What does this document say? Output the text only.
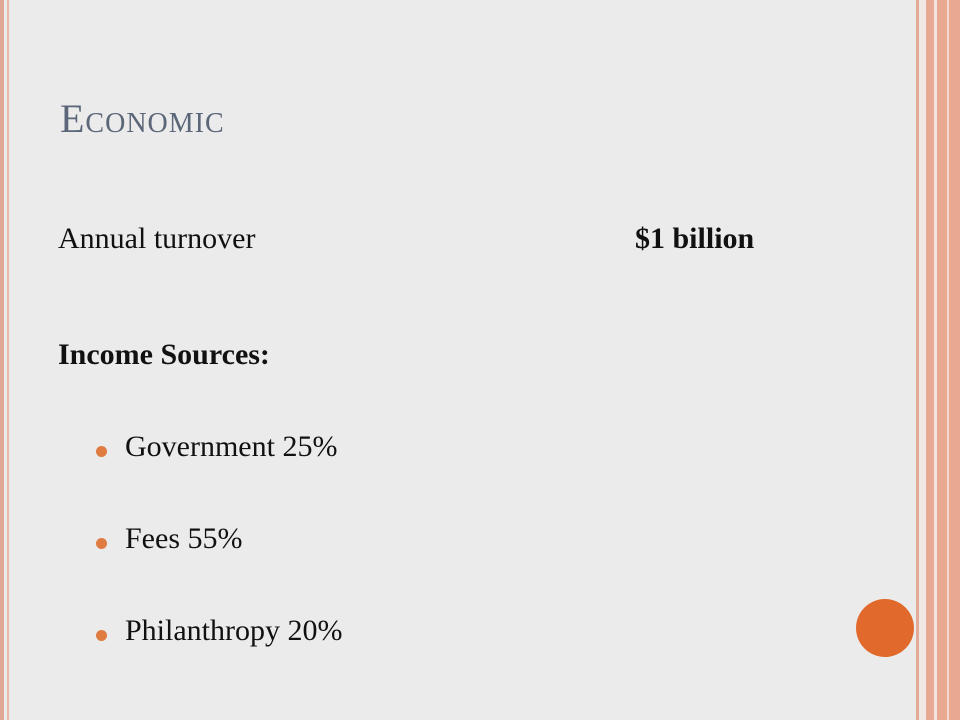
Economic
Annual turnover	$1 billion
Income Sources:
Government 25%
Fees 55%
Philanthropy 20%
